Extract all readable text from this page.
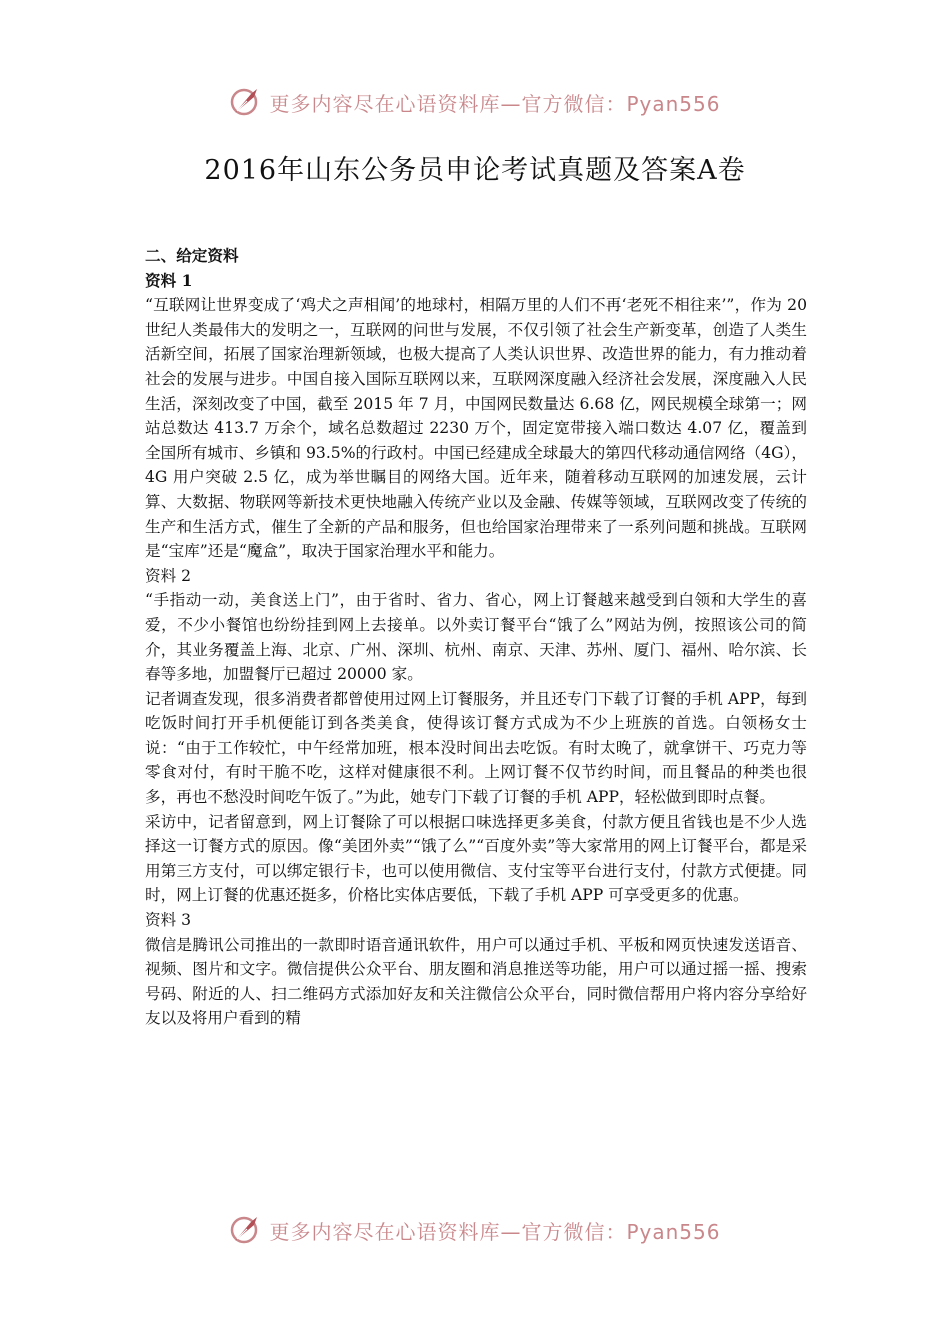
更多内容尽在心语资料库—官方微信：Pyan556
2016年山东公务员申论考试真题及答案A卷

二、给定资料

资料 1

“互联网让世界变成了‘鸡犬之声相闻’的地球村，相隔万里的人们不再‘老死不相往来’”，作为 20 世纪人类最伟大的发明之一，互联网的问世与发展，不仅引领了社会生产新变革，创造了人类生活新空间，拓展了国家治理新领域，也极大提高了人类认识世界、改造世界的能力，有力推动着社会的发展与进步。中国自接入国际互联网以来，互联网深度融入经济社会发展，深度融入人民生活，深刻改变了中国，截至 2015 年 7 月，中国网民数量达 6.68 亿，网民规模全球第一；网站总数达 413.7 万余个，域名总数超过 2230 万个，固定宽带接入端口数达 4.07 亿，覆盖到全国所有城市、乡镇和 93.5%的行政村。中国已经建成全球最大的第四代移动通信网络（4G），4G 用户突破 2.5 亿，成为举世瞩目的网络大国。近年来，随着移动互联网的加速发展，云计算、大数据、物联网等新技术更快地融入传统产业以及金融、传媒等领域，互联网改变了传统的生产和生活方式，催生了全新的产品和服务，但也给国家治理带来了一系列问题和挑战。互联网是“宝库”还是“魔盒”，取决于国家治理水平和能力。

资料 2

“手指动一动，美食送上门”，由于省时、省力、省心，网上订餐越来越受到白领和大学生的喜爱，不少小餐馆也纷纷挂到网上去接单。以外卖订餐平台“饿了么”网站为例，按照该公司的简介，其业务覆盖上海、北京、广州、深圳、杭州、南京、天津、苏州、厦门、福州、哈尔滨、长春等多地，加盟餐厅已超过 20000 家。

记者调查发现，很多消费者都曾使用过网上订餐服务，并且还专门下载了订餐的手机 APP，每到吃饭时间打开手机便能订到各类美食，使得该订餐方式成为不少上班族的首选。白领杨女士说：“由于工作较忙，中午经常加班，根本没时间出去吃饭。有时太晚了，就拿饼干、巧克力等零食对付，有时干脆不吃，这样对健康很不利。上网订餐不仅节约时间，而且餐品的种类也很多，再也不愁没时间吃午饭了。”为此，她专门下载了订餐的手机 APP，轻松做到即时点餐。

采访中，记者留意到，网上订餐除了可以根据口味选择更多美食，付款方便且省钱也是不少人选择这一订餐方式的原因。像“美团外卖”“饿了么”“百度外卖”等大家常用的网上订餐平台，都是采用第三方支付，可以绑定银行卡，也可以使用微信、支付宝等平台进行支付，付款方式便捷。同时，网上订餐的优惠还挺多，价格比实体店要低，下载了手机 APP 可享受更多的优惠。

资料 3

微信是腾讯公司推出的一款即时语音通讯软件，用户可以通过手机、平板和网页快速发送语音、视频、图片和文字。微信提供公众平台、朋友圈和消息推送等功能，用户可以通过摇一摇、搜索号码、附近的人、扫二维码方式添加好友和关注微信公众平台，同时微信帮用户将内容分享给好友以及将用户看到的精

更多内容尽在心语资料库—官方微信：Pyan556
